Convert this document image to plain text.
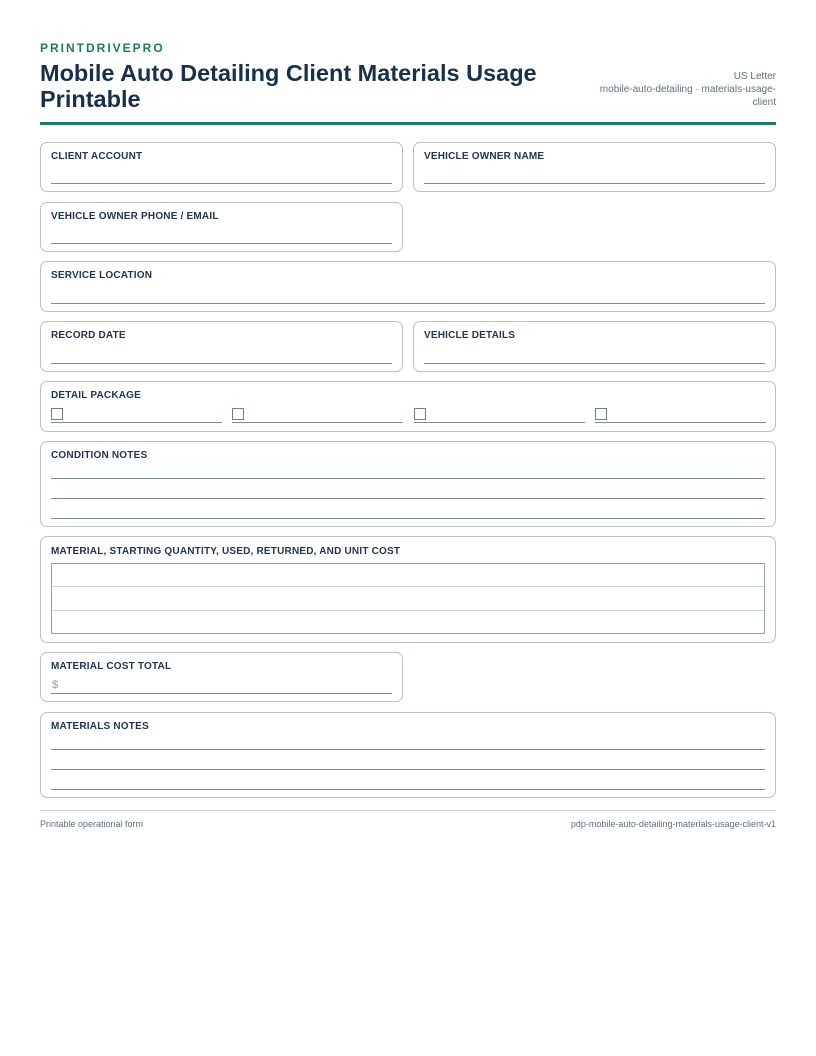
PRINTDRIVEPRO
Mobile Auto Detailing Client Materials Usage Printable
US Letter
mobile-auto-detailing · materials-usage-client
CLIENT ACCOUNT	VEHICLE OWNER NAME
VEHICLE OWNER PHONE / EMAIL
SERVICE LOCATION
RECORD DATE	VEHICLE DETAILS
DETAIL PACKAGE
CONDITION NOTES
MATERIAL, STARTING QUANTITY, USED, RETURNED, AND UNIT COST
MATERIAL COST TOTAL
$
MATERIALS NOTES
Printable operational form	pdp-mobile-auto-detailing-materials-usage-client-v1
